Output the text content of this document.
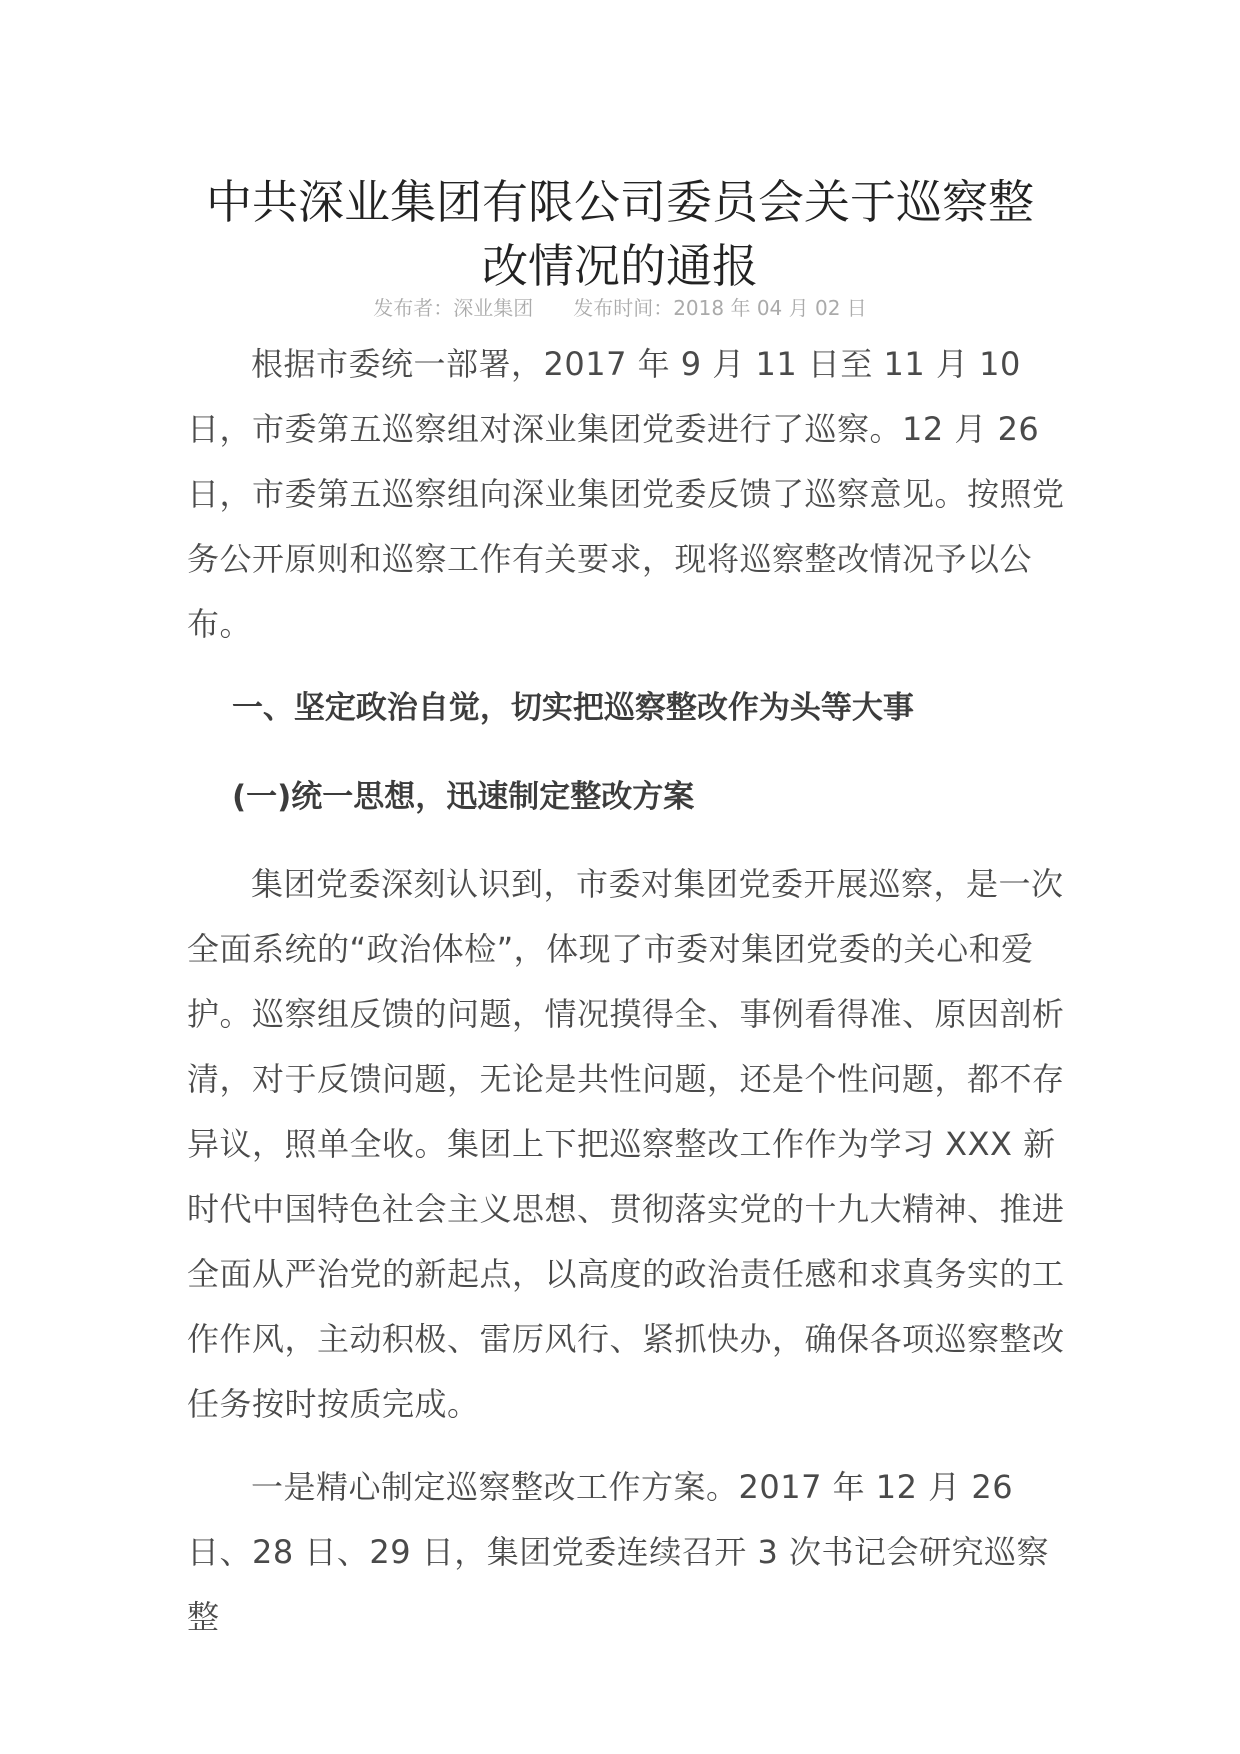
中共深业集团有限公司委员会关于巡察整改情况的通报
发布者：深业集团 发布时间：2018 年 04 月 02 日

根据市委统一部署，2017 年 9 月 11 日至 11 月 10 日，市委第五巡察组对深业集团党委进行了巡察。12 月 26 日，市委第五巡察组向深业集团党委反馈了巡察意见。按照党务公开原则和巡察工作有关要求，现将巡察整改情况予以公布。

一、坚定政治自觉，切实把巡察整改作为头等大事

(一)统一思想，迅速制定整改方案

集团党委深刻认识到，市委对集团党委开展巡察，是一次全面系统的“政治体检”，体现了市委对集团党委的关心和爱护。巡察组反馈的问题，情况摸得全、事例看得准、原因剖析清，对于反馈问题，无论是共性问题，还是个性问题，都不存异议，照单全收。集团上下把巡察整改工作作为学习 XXX 新时代中国特色社会主义思想、贯彻落实党的十九大精神、推进全面从严治党的新起点，以高度的政治责任感和求真务实的工作作风，主动积极、雷厉风行、紧抓快办，确保各项巡察整改任务按时按质完成。

一是精心制定巡察整改工作方案。2017 年 12 月 26 日、28 日、29 日，集团党委连续召开 3 次书记会研究巡察整
